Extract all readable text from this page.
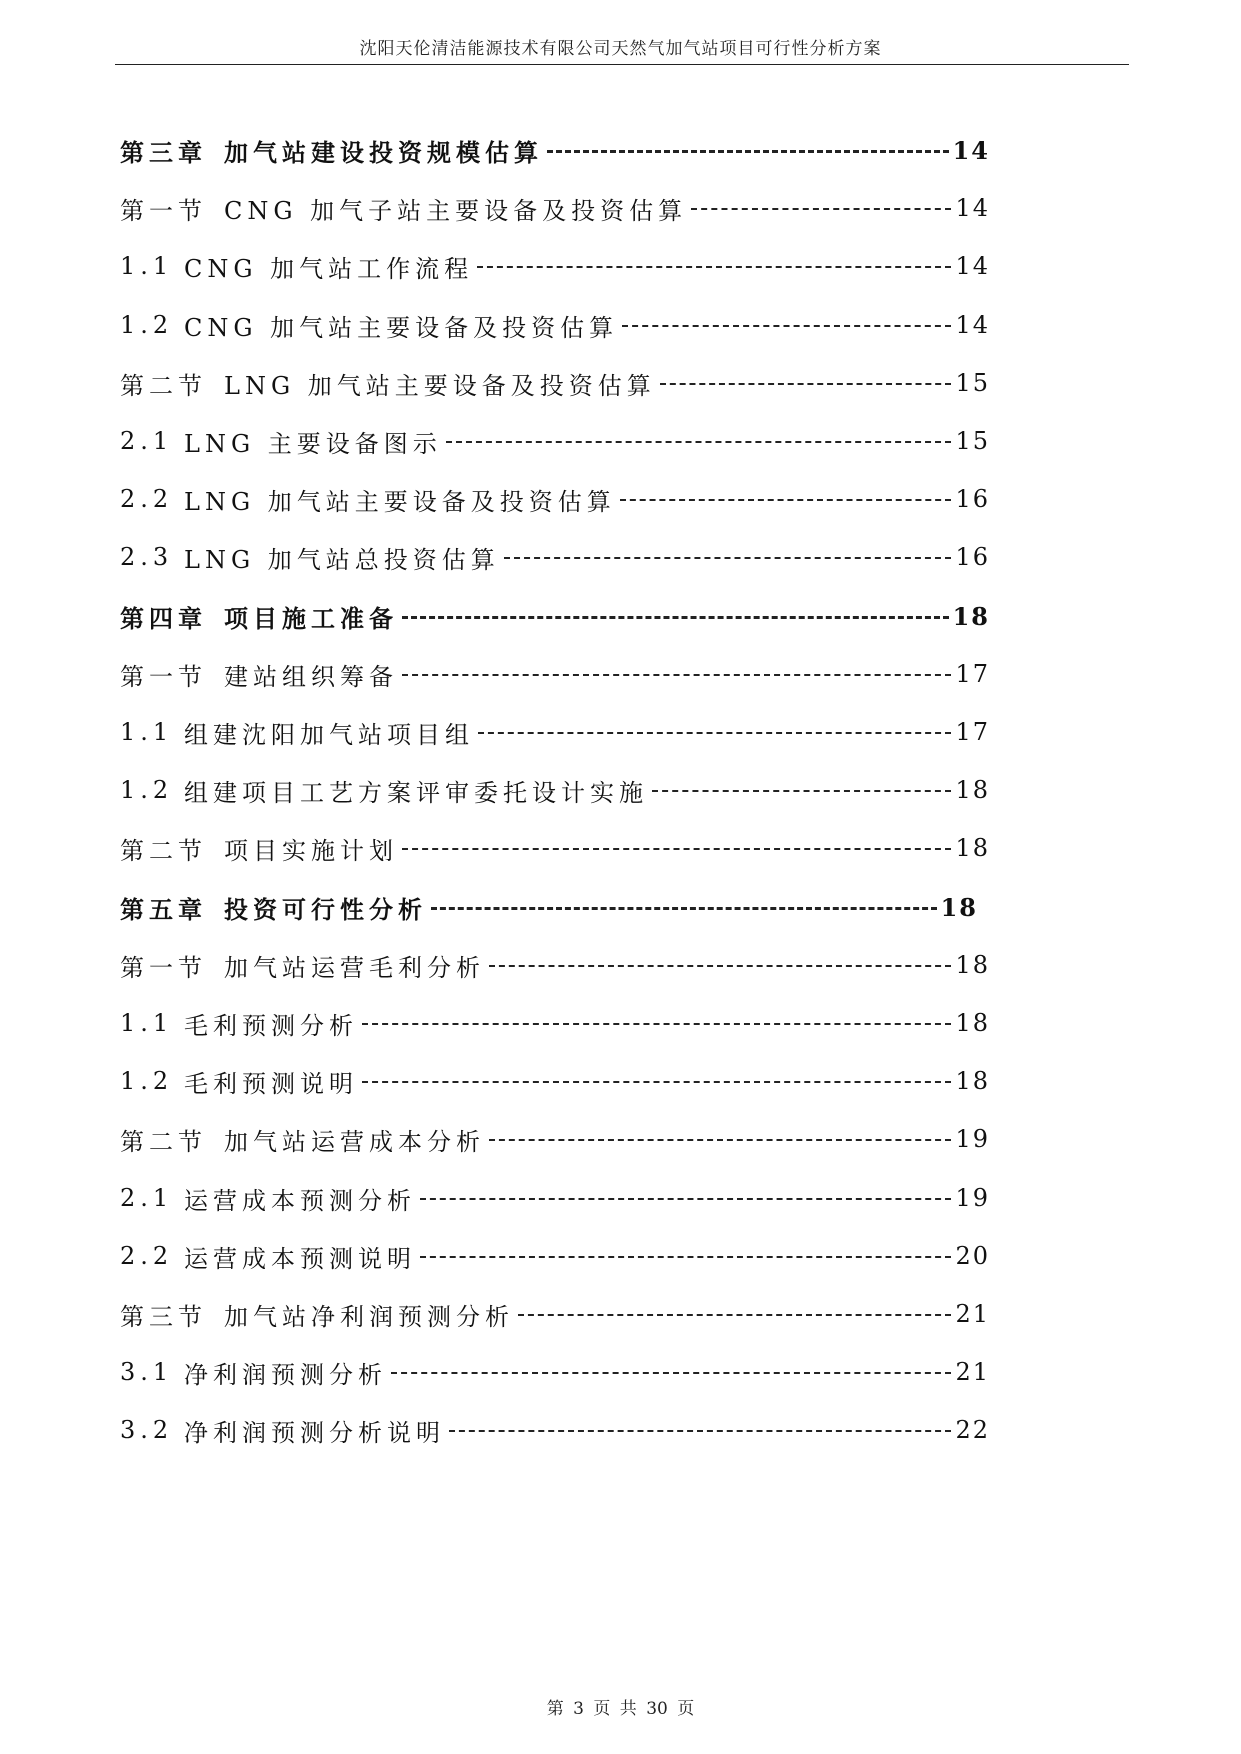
沈阳天伦清洁能源技术有限公司天然气加气站项目可行性分析方案
第三章 加气站建设投资规模估算	14
第一节 CNG 加气子站主要设备及投资估算	14
1.1 CNG 加气站工作流程	14
1.2 CNG 加气站主要设备及投资估算	14
第二节 LNG 加气站主要设备及投资估算	15
2.1 LNG 主要设备图示	15
2.2 LNG 加气站主要设备及投资估算	16
2.3 LNG 加气站总投资估算	16
第四章 项目施工准备	18
第一节 建站组织筹备	17
1.1 组建沈阳加气站项目组	17
1.2 组建项目工艺方案评审委托设计实施	18
第二节 项目实施计划	18
第五章 投资可行性分析	18
第一节 加气站运营毛利分析	18
1.1 毛利预测分析	18
1.2 毛利预测说明	18
第二节 加气站运营成本分析	19
2.1 运营成本预测分析	19
2.2 运营成本预测说明	20
第三节 加气站净利润预测分析	21
3.1 净利润预测分析	21
3.2 净利润预测分析说明	22
第 3 页 共 30 页
